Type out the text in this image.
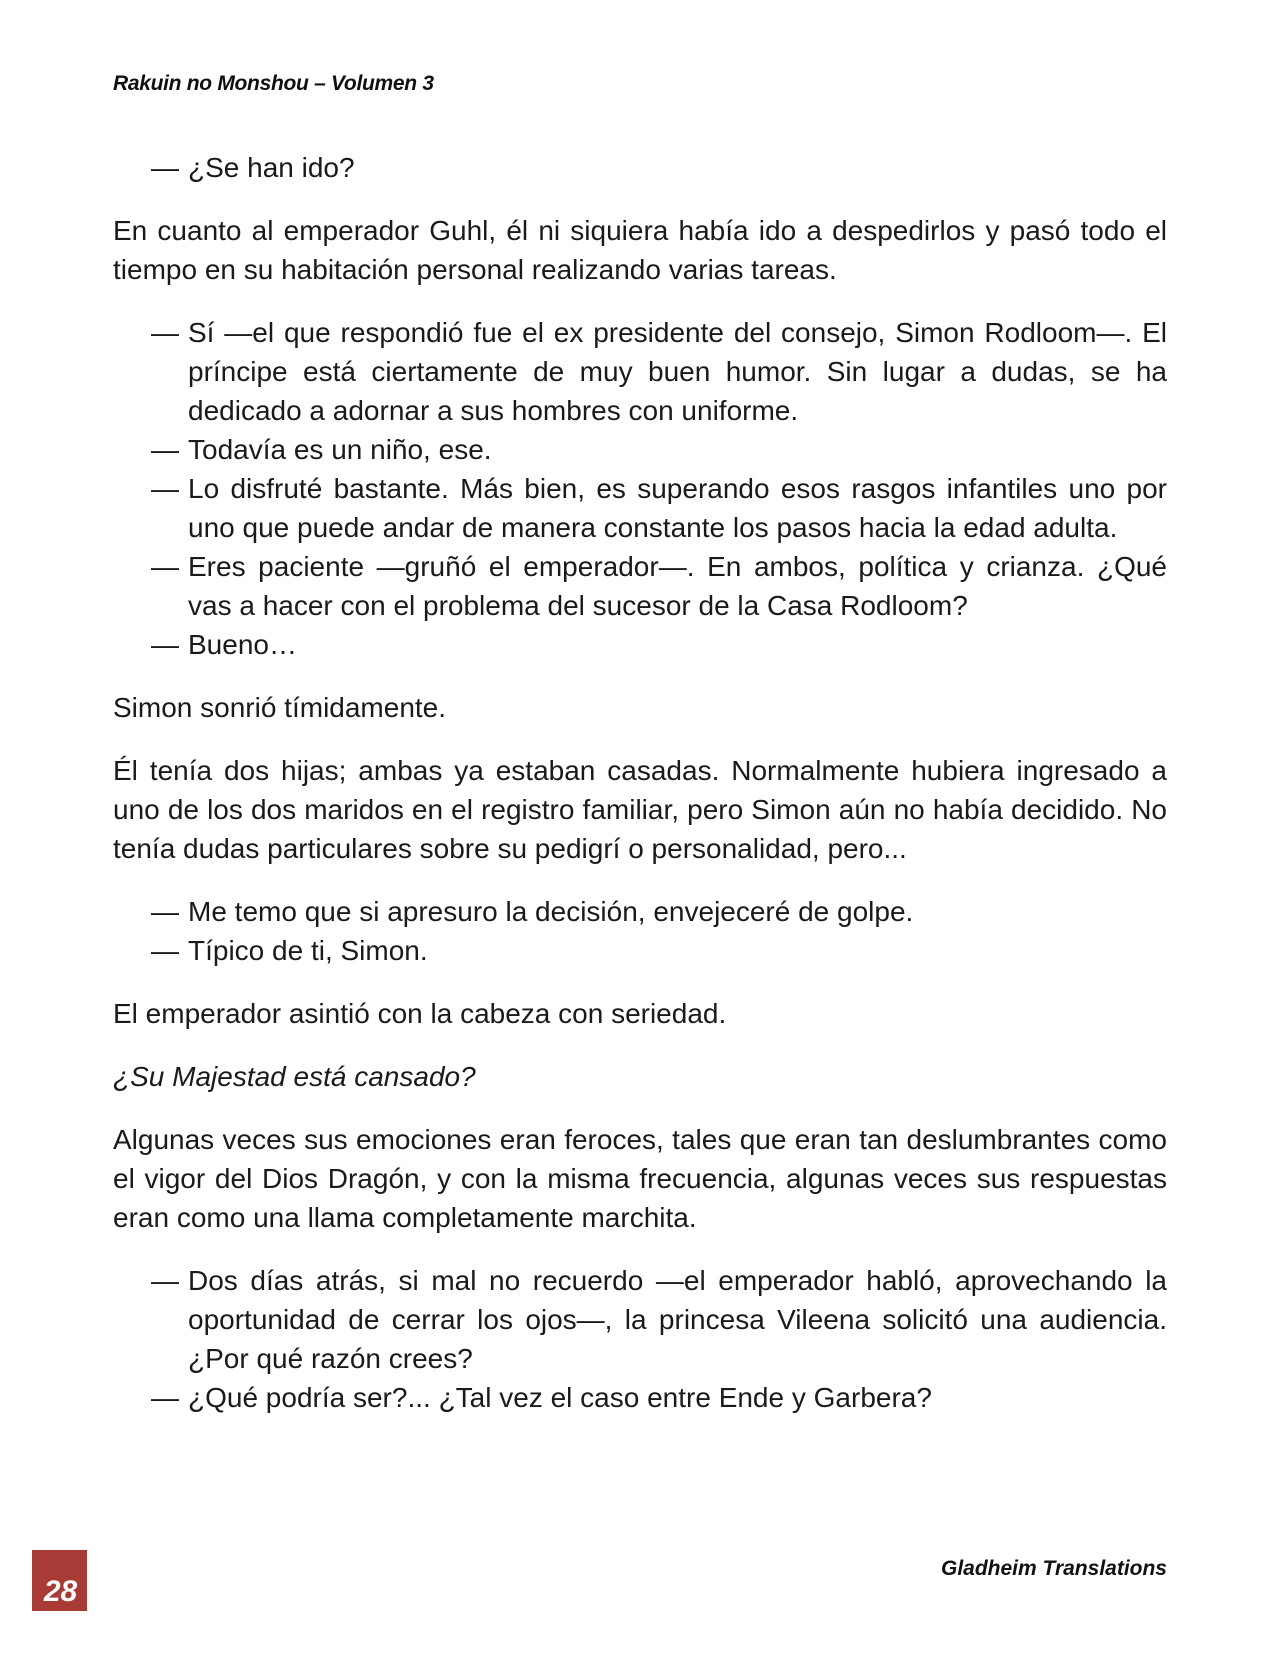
Rakuin no Monshou – Volumen 3
— ¿Se han ido?

En cuanto al emperador Guhl, él ni siquiera había ido a despedirlos y pasó todo el tiempo en su habitación personal realizando varias tareas.

— Sí —el que respondió fue el ex presidente del consejo, Simon Rodloom—. El príncipe está ciertamente de muy buen humor. Sin lugar a dudas, se ha dedicado a adornar a sus hombres con uniforme.
— Todavía es un niño, ese.
— Lo disfruté bastante. Más bien, es superando esos rasgos infantiles uno por uno que puede andar de manera constante los pasos hacia la edad adulta.
— Eres paciente —gruñó el emperador—. En ambos, política y crianza. ¿Qué vas a hacer con el problema del sucesor de la Casa Rodloom?
— Bueno…

Simon sonrió tímidamente.

Él tenía dos hijas; ambas ya estaban casadas. Normalmente hubiera ingresado a uno de los dos maridos en el registro familiar, pero Simon aún no había decidido. No tenía dudas particulares sobre su pedigrí o personalidad, pero...

— Me temo que si apresuro la decisión, envejeceré de golpe.
— Típico de ti, Simon.

El emperador asintió con la cabeza con seriedad.

¿Su Majestad está cansado?

Algunas veces sus emociones eran feroces, tales que eran tan deslumbrantes como el vigor del Dios Dragón, y con la misma frecuencia, algunas veces sus respuestas eran como una llama completamente marchita.

— Dos días atrás, si mal no recuerdo —el emperador habló, aprovechando la oportunidad de cerrar los ojos—, la princesa Vileena solicitó una audiencia. ¿Por qué razón crees?
— ¿Qué podría ser?... ¿Tal vez el caso entre Ende y Garbera?
28
Gladheim Translations
